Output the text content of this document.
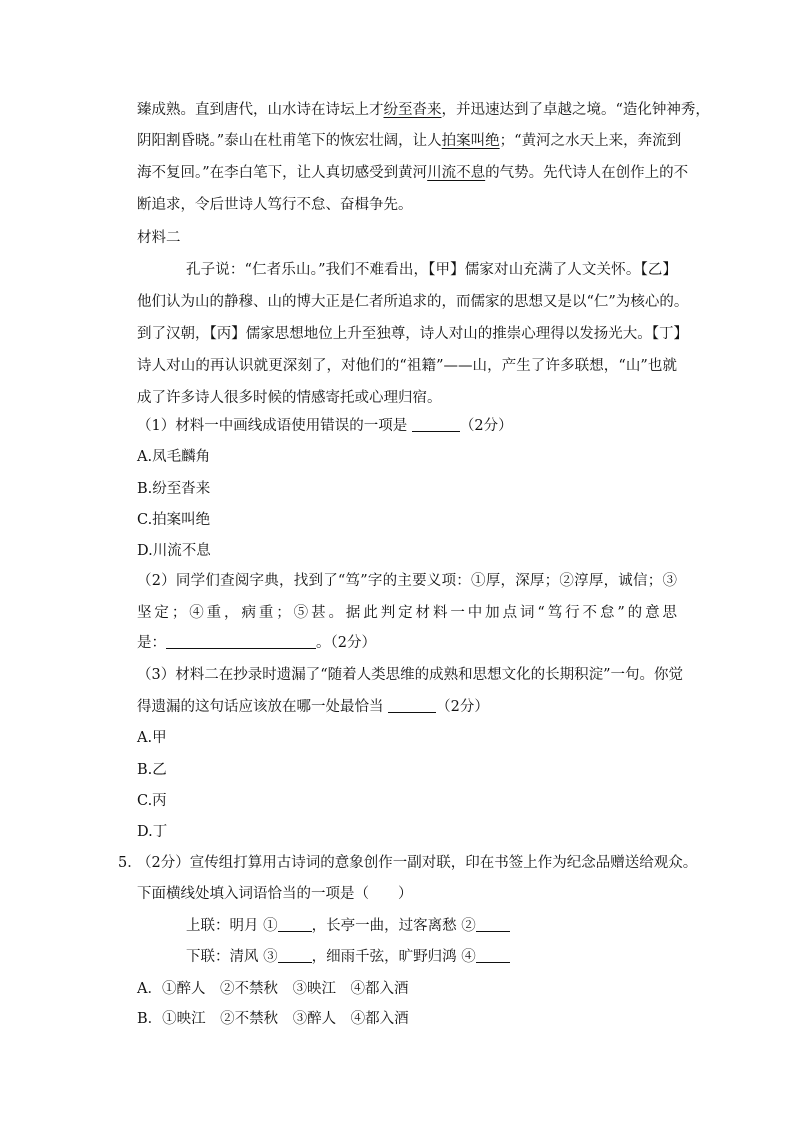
臻成熟。直到唐代，山水诗在诗坛上才纷至沓来，并迅速达到了卓越之境。“造化钟神秀，
阴阳割昏晓。”泰山在杜甫笔下的恢宏壮阔，让人拍案叫绝；“黄河之水天上来，奔流到
海不复回。”在李白笔下，让人真切感受到黄河川流不息的气势。先代诗人在创作上的不
断追求，令后世诗人笃行不怠、奋楫争先。
材料二
孔子说：“仁者乐山。”我们不难看出，【甲】儒家对山充满了人文关怀。【乙】
他们认为山的静穆、山的博大正是仁者所追求的，而儒家的思想又是以“仁”为核心的。
到了汉朝，【丙】儒家思想地位上升至独尊，诗人对山的推崇心理得以发扬光大。【丁】
诗人对山的再认识就更深刻了，对他们的“祖籍”——山，产生了许多联想，“山”也就
成了许多诗人很多时候的情感寄托或心理归宿。
（1）材料一中画线成语使用错误的一项是	（2分）
A.凤毛麟角
B.纷至沓来
C.拍案叫绝
D.川流不息
（2）同学们查阅字典，找到了“笃”字的主要义项：①厚，深厚；②淳厚，诚信；③
坚定；④重，病重；⑤甚。据此判定材料一中加点词“笃行不怠”的意思
是：	。（2分）
（3）材料二在抄录时遗漏了“随着人类思维的成熟和思想文化的长期积淀”一句。你觉
得遗漏的这句话应该放在哪一处最恰当	（2分）
A.甲
B.乙
C.丙
D.丁
5．
（2分）宣传组打算用古诗词的意象创作一副对联，印在书签上作为纪念品赠送给观众。
下面横线处填入词语恰当的一项是（　　）
上联：明月 ① ，长亭一曲，过客离愁 ②
下联：清风 ③ ，细雨千弦，旷野归鸿 ④
A．①醉人　②不禁秋　③映江　④都入酒
B．①映江　②不禁秋　③醉人　④都入酒
